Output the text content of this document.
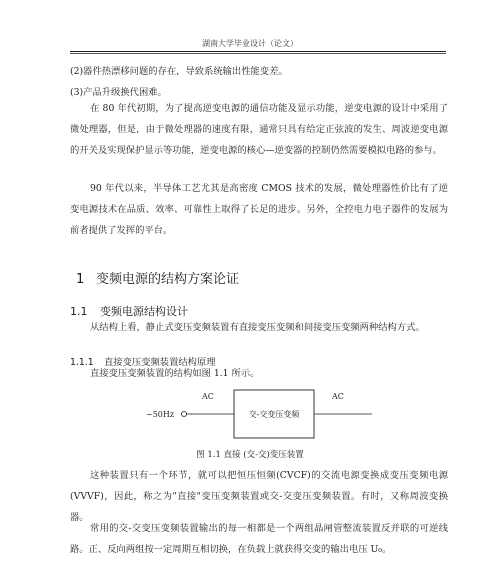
湖南大学毕业设计（论文）
(2)器件热漂移问题的存在，导致系统输出性能变差。
(3)产品升级换代困难。
在 80 年代初期，为了提高逆变电源的通信功能及显示功能，逆变电源的设计中采用了微处理器，但是，由于微处理器的速度有限，通常只具有给定正弦波的发生、周波逆变电源的开关及实现保护显示等功能，逆变电源的核心—逆变器的控制仍然需要模拟电路的参与。
90 年代以来，半导体工艺尤其是高密度 CMOS 技术的发展，微处理器性价比有了逆变电源技术在品质、效率、可靠性上取得了长足的进步。另外，全控电力电子器件的发展为前者提供了发挥的平台。
1 变频电源的结构方案论证
1.1 变频电源结构设计
从结构上看，静止式变压变频装置有直接变压变频和间接变压变频两种结构方式。
1.1.1 直接变压变频装置结构原理
直接变压变频装置的结构如图 1.1 所示。
~50Hz
AC
交-交变压变频
AC
图 1.1 直接 (交-交)变压装置
这种装置只有一个环节，就可以把恒压恒频(CVCF)的交流电源变换成变压变频电源(VVVF)，因此，称之为"直接"变压变频装置或交-交变压变频装置。有时，又称周波变换器。
常用的交-交变压变频装置输出的每一相都是一个两组晶闸管整流装置反并联的可逆线路。正、反向两组按一定周期互相切换，在负载上就获得交变的输出电压 U₀。
